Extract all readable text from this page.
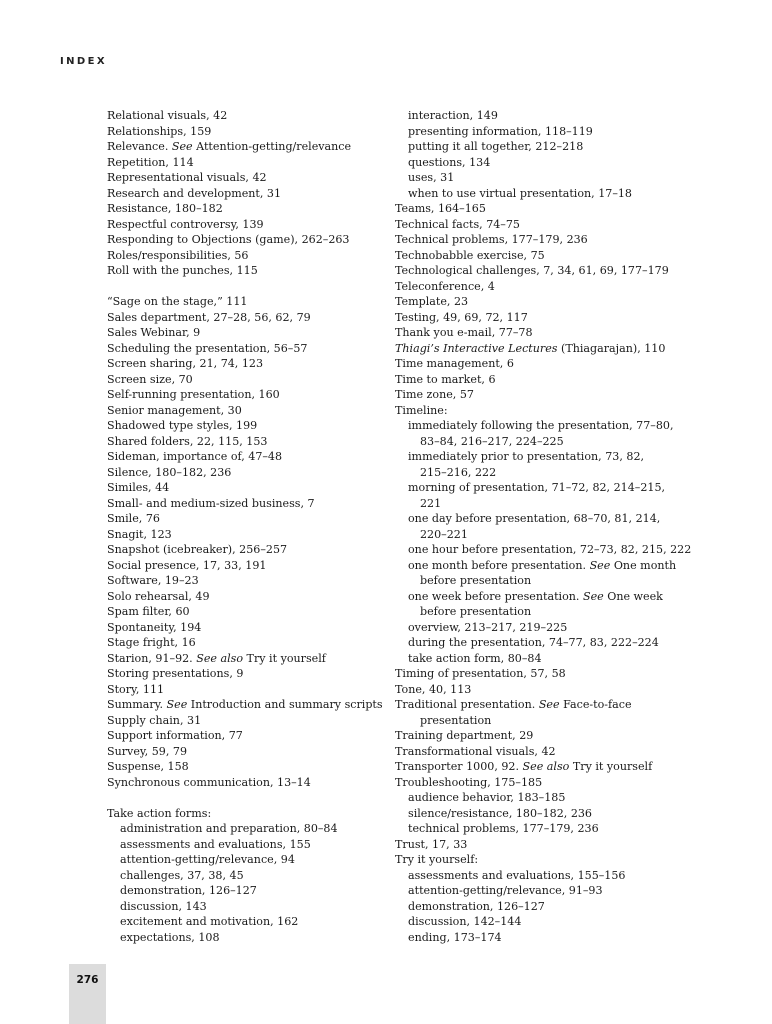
INDEX
Relational visuals, 42
Relationships, 159
Relevance. See Attention-getting/relevance
Repetition, 114
Representational visuals, 42
Research and development, 31
Resistance, 180–182
Respectful controversy, 139
Responding to Objections (game), 262–263
Roles/responsibilities, 56
Roll with the punches, 115
“Sage on the stage,” 111
Sales department, 27–28, 56, 62, 79
Sales Webinar, 9
Scheduling the presentation, 56–57
Screen sharing, 21, 74, 123
Screen size, 70
Self-running presentation, 160
Senior management, 30
Shadowed type styles, 199
Shared folders, 22, 115, 153
Sideman, importance of, 47–48
Silence, 180–182, 236
Similes, 44
Small- and medium-sized business, 7
Smile, 76
Snagit, 123
Snapshot (icebreaker), 256–257
Social presence, 17, 33, 191
Software, 19–23
Solo rehearsal, 49
Spam filter, 60
Spontaneity, 194
Stage fright, 16
Starion, 91–92. See also Try it yourself
Storing presentations, 9
Story, 111
Summary. See Introduction and summary scripts
Supply chain, 31
Support information, 77
Survey, 59, 79
Suspense, 158
Synchronous communication, 13–14
Take action forms:
administration and preparation, 80–84
assessments and evaluations, 155
attention-getting/relevance, 94
challenges, 37, 38, 45
demonstration, 126–127
discussion, 143
excitement and motivation, 162
expectations, 108
interaction, 149
presenting information, 118–119
putting it all together, 212–218
questions, 134
uses, 31
when to use virtual presentation, 17–18
Teams, 164–165
Technical facts, 74–75
Technical problems, 177–179, 236
Technobabble exercise, 75
Technological challenges, 7, 34, 61, 69, 177–179
Teleconference, 4
Template, 23
Testing, 49, 69, 72, 117
Thank you e-mail, 77–78
Thiagi’s Interactive Lectures (Thiagarajan), 110
Time management, 6
Time to market, 6
Time zone, 57
Timeline:
immediately following the presentation, 77–80,
83–84, 216–217, 224–225
immediately prior to presentation, 73, 82,
215–216, 222
morning of presentation, 71–72, 82, 214–215,
221
one day before presentation, 68–70, 81, 214,
220–221
one hour before presentation, 72–73, 82, 215, 222
one month before presentation. See One month
before presentation
one week before presentation. See One week
before presentation
overview, 213–217, 219–225
during the presentation, 74–77, 83, 222–224
take action form, 80–84
Timing of presentation, 57, 58
Tone, 40, 113
Traditional presentation. See Face-to-face
presentation
Training department, 29
Transformational visuals, 42
Transporter 1000, 92. See also Try it yourself
Troubleshooting, 175–185
audience behavior, 183–185
silence/resistance, 180–182, 236
technical problems, 177–179, 236
Trust, 17, 33
Try it yourself:
assessments and evaluations, 155–156
attention-getting/relevance, 91–93
demonstration, 126–127
discussion, 142–144
ending, 173–174
276
